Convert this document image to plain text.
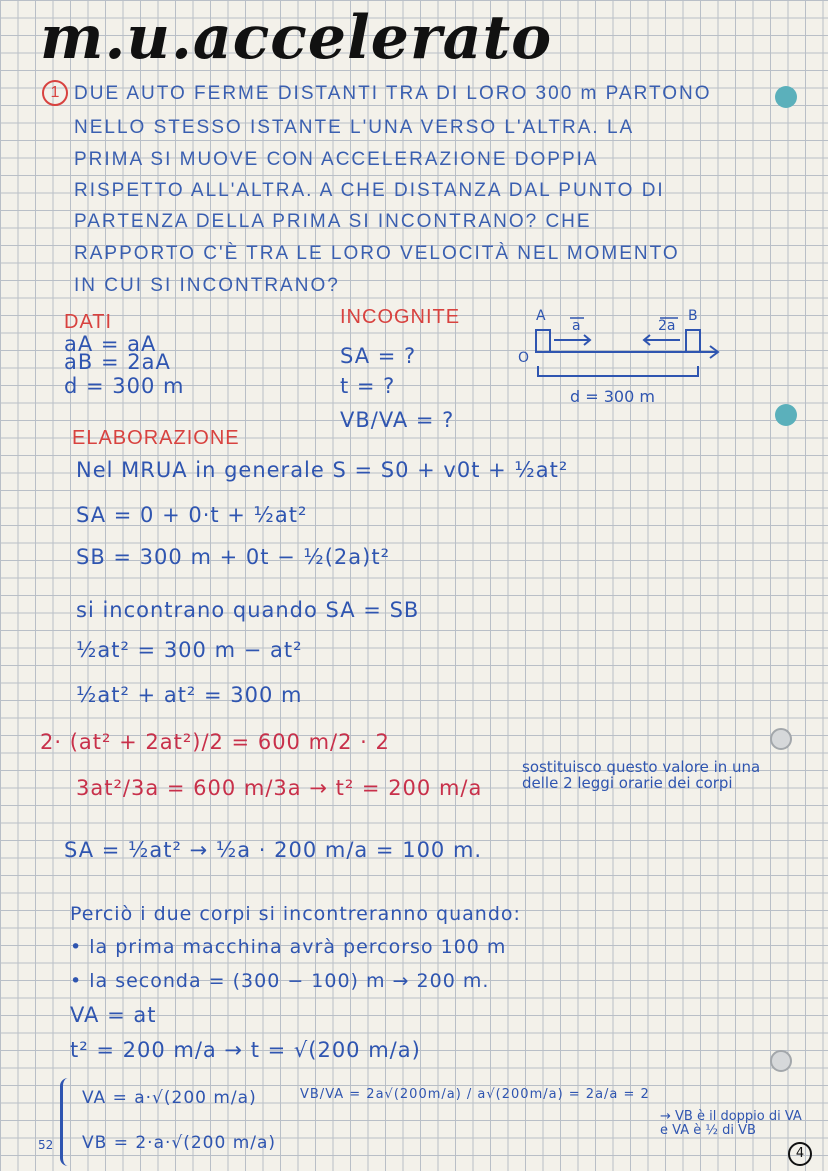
m.u.accelerato
1 DUE AUTO FERME DISTANTI TRA DI LORO 300 m PARTONO
NELLO STESSO ISTANTE L'UNA VERSO L'ALTRA. LA
PRIMA SI MUOVE CON ACCELERAZIONE DOPPIA
RISPETTO ALL'ALTRA. A CHE DISTANZA DAL PUNTO DI
PARTENZA DELLA PRIMA SI INCONTRANO? CHE
RAPPORTO C'È TRA LE LORO VELOCITÀ NEL MOMENTO
IN CUI SI INCONTRANO?
DATI
aA = aA
aB = 2aA
d = 300 m
INCOGNITE
SA = ?
t = ?
VB/VA = ?
A	B
a	2a
O
d = 300 m
ELABORAZIONE
Nel MRUA in generale S = S0 + v0t + ½at²
SA = 0 + 0·t + ½at²
SB = 300 m + 0t − ½(2a)t²
si incontrano quando SA = SB
½at² = 300 m − at²
½at² + at² = 300 m
2· (at² + 2at²)/2 = 600 m/2 · 2
3at²/3a = 600 m/3a → t² = 200 m/a
SA = ½at² → ½a · 200 m/a = 100 m.
sostituisco questo valore in una delle 2 leggi orarie dei corpi
Perciò i due corpi si incontreranno quando:
• la prima macchina avrà percorso 100 m
• la seconda = (300 − 100) m → 200 m.
VA = at
t² = 200 m/a → t = √(200 m/a)
52
VA = a·√(200 m/a)
VB = 2·a·√(200 m/a)
VB/VA = 2a√(200m/a) / a√(200m/a) = 2a/a = 2
→ VB è il doppio di VA e VA è ½ di VB
4
